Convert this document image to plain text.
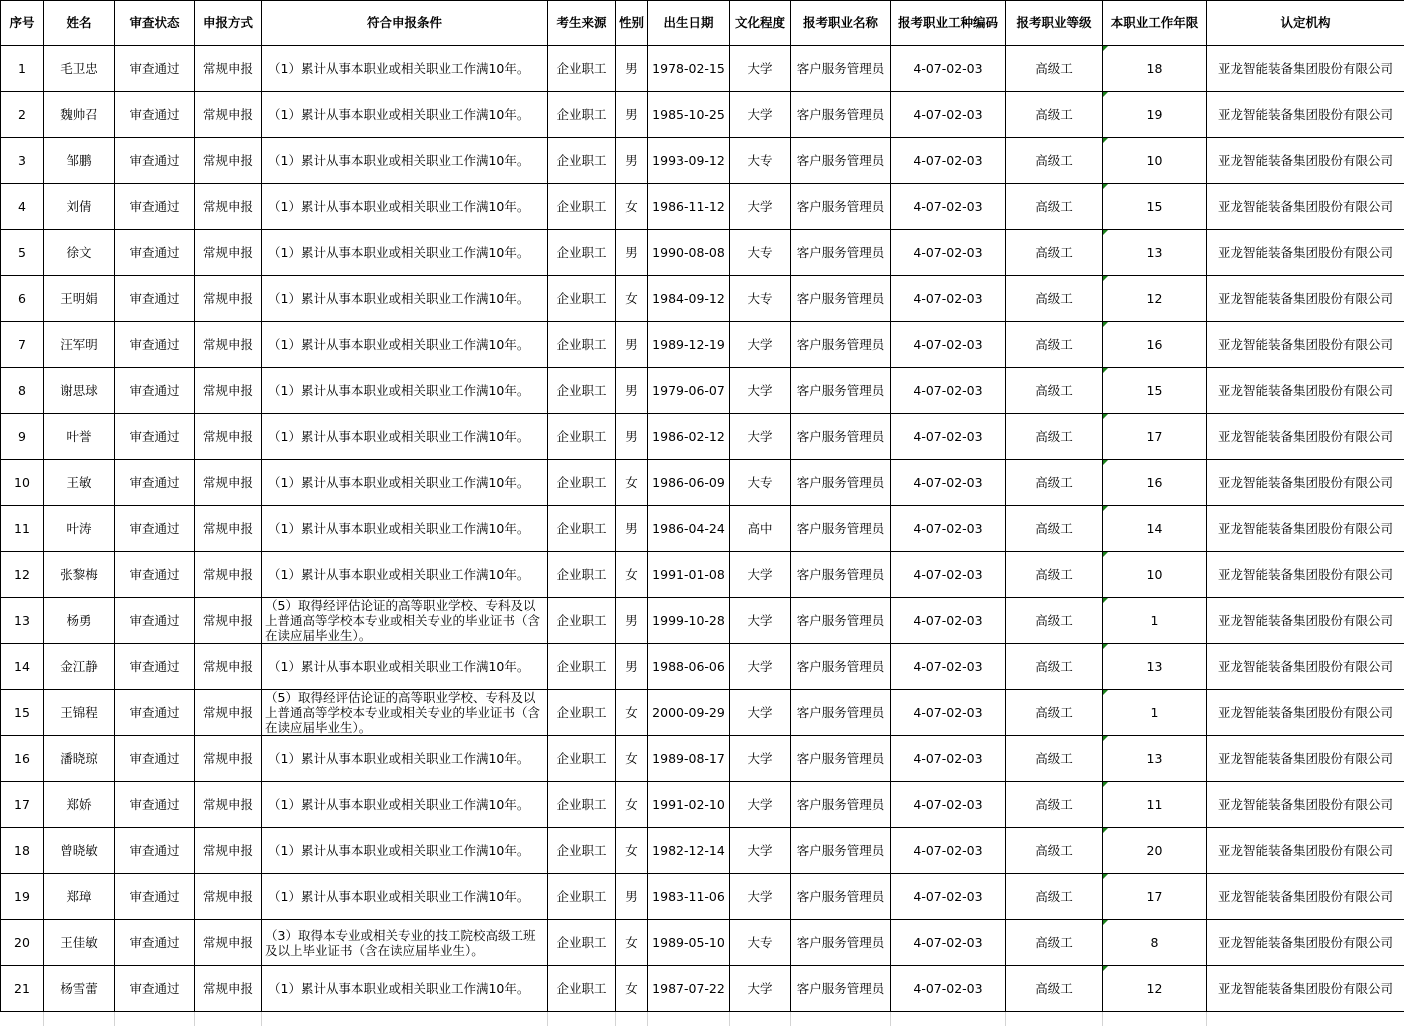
序号	姓名	审查状态	申报方式	符合申报条件	考生来源	性别	出生日期	文化程度	报考职业名称	报考职业工种编码	报考职业等级	本职业工作年限	认定机构
1	毛卫忠	审查通过	常规申报	（1）累计从事本职业或相关职业工作满10年。	企业职工	男	1978-02-15	大学	客户服务管理员	4-07-02-03	高级工	18	亚龙智能装备集团股份有限公司
2	魏帅召	审查通过	常规申报	（1）累计从事本职业或相关职业工作满10年。	企业职工	男	1985-10-25	大学	客户服务管理员	4-07-02-03	高级工	19	亚龙智能装备集团股份有限公司
3	邹鹏	审查通过	常规申报	（1）累计从事本职业或相关职业工作满10年。	企业职工	男	1993-09-12	大专	客户服务管理员	4-07-02-03	高级工	10	亚龙智能装备集团股份有限公司
4	刘倩	审查通过	常规申报	（1）累计从事本职业或相关职业工作满10年。	企业职工	女	1986-11-12	大学	客户服务管理员	4-07-02-03	高级工	15	亚龙智能装备集团股份有限公司
5	徐文	审查通过	常规申报	（1）累计从事本职业或相关职业工作满10年。	企业职工	男	1990-08-08	大专	客户服务管理员	4-07-02-03	高级工	13	亚龙智能装备集团股份有限公司
6	王明娟	审查通过	常规申报	（1）累计从事本职业或相关职业工作满10年。	企业职工	女	1984-09-12	大专	客户服务管理员	4-07-02-03	高级工	12	亚龙智能装备集团股份有限公司
7	汪军明	审查通过	常规申报	（1）累计从事本职业或相关职业工作满10年。	企业职工	男	1989-12-19	大学	客户服务管理员	4-07-02-03	高级工	16	亚龙智能装备集团股份有限公司
8	谢思球	审查通过	常规申报	（1）累计从事本职业或相关职业工作满10年。	企业职工	男	1979-06-07	大学	客户服务管理员	4-07-02-03	高级工	15	亚龙智能装备集团股份有限公司
9	叶誉	审查通过	常规申报	（1）累计从事本职业或相关职业工作满10年。	企业职工	男	1986-02-12	大学	客户服务管理员	4-07-02-03	高级工	17	亚龙智能装备集团股份有限公司
10	王敏	审查通过	常规申报	（1）累计从事本职业或相关职业工作满10年。	企业职工	女	1986-06-09	大专	客户服务管理员	4-07-02-03	高级工	16	亚龙智能装备集团股份有限公司
11	叶涛	审查通过	常规申报	（1）累计从事本职业或相关职业工作满10年。	企业职工	男	1986-04-24	高中	客户服务管理员	4-07-02-03	高级工	14	亚龙智能装备集团股份有限公司
12	张黎梅	审查通过	常规申报	（1）累计从事本职业或相关职业工作满10年。	企业职工	女	1991-01-08	大学	客户服务管理员	4-07-02-03	高级工	10	亚龙智能装备集团股份有限公司
13	杨勇	审查通过	常规申报	（5）取得经评估论证的高等职业学校、专科及以上普通高等学校本专业或相关专业的毕业证书（含在读应届毕业生）。	企业职工	男	1999-10-28	大学	客户服务管理员	4-07-02-03	高级工	1	亚龙智能装备集团股份有限公司
14	金江静	审查通过	常规申报	（1）累计从事本职业或相关职业工作满10年。	企业职工	男	1988-06-06	大学	客户服务管理员	4-07-02-03	高级工	13	亚龙智能装备集团股份有限公司
15	王锦程	审查通过	常规申报	（5）取得经评估论证的高等职业学校、专科及以上普通高等学校本专业或相关专业的毕业证书（含在读应届毕业生）。	企业职工	女	2000-09-29	大学	客户服务管理员	4-07-02-03	高级工	1	亚龙智能装备集团股份有限公司
16	潘晓琼	审查通过	常规申报	（1）累计从事本职业或相关职业工作满10年。	企业职工	女	1989-08-17	大学	客户服务管理员	4-07-02-03	高级工	13	亚龙智能装备集团股份有限公司
17	郑娇	审查通过	常规申报	（1）累计从事本职业或相关职业工作满10年。	企业职工	女	1991-02-10	大学	客户服务管理员	4-07-02-03	高级工	11	亚龙智能装备集团股份有限公司
18	曾晓敏	审查通过	常规申报	（1）累计从事本职业或相关职业工作满10年。	企业职工	女	1982-12-14	大学	客户服务管理员	4-07-02-03	高级工	20	亚龙智能装备集团股份有限公司
19	郑璋	审查通过	常规申报	（1）累计从事本职业或相关职业工作满10年。	企业职工	男	1983-11-06	大学	客户服务管理员	4-07-02-03	高级工	17	亚龙智能装备集团股份有限公司
20	王佳敏	审查通过	常规申报	（3）取得本专业或相关专业的技工院校高级工班及以上毕业证书（含在读应届毕业生）。	企业职工	女	1989-05-10	大专	客户服务管理员	4-07-02-03	高级工	8	亚龙智能装备集团股份有限公司
21	杨雪蕾	审查通过	常规申报	（1）累计从事本职业或相关职业工作满10年。	企业职工	女	1987-07-22	大学	客户服务管理员	4-07-02-03	高级工	12	亚龙智能装备集团股份有限公司
